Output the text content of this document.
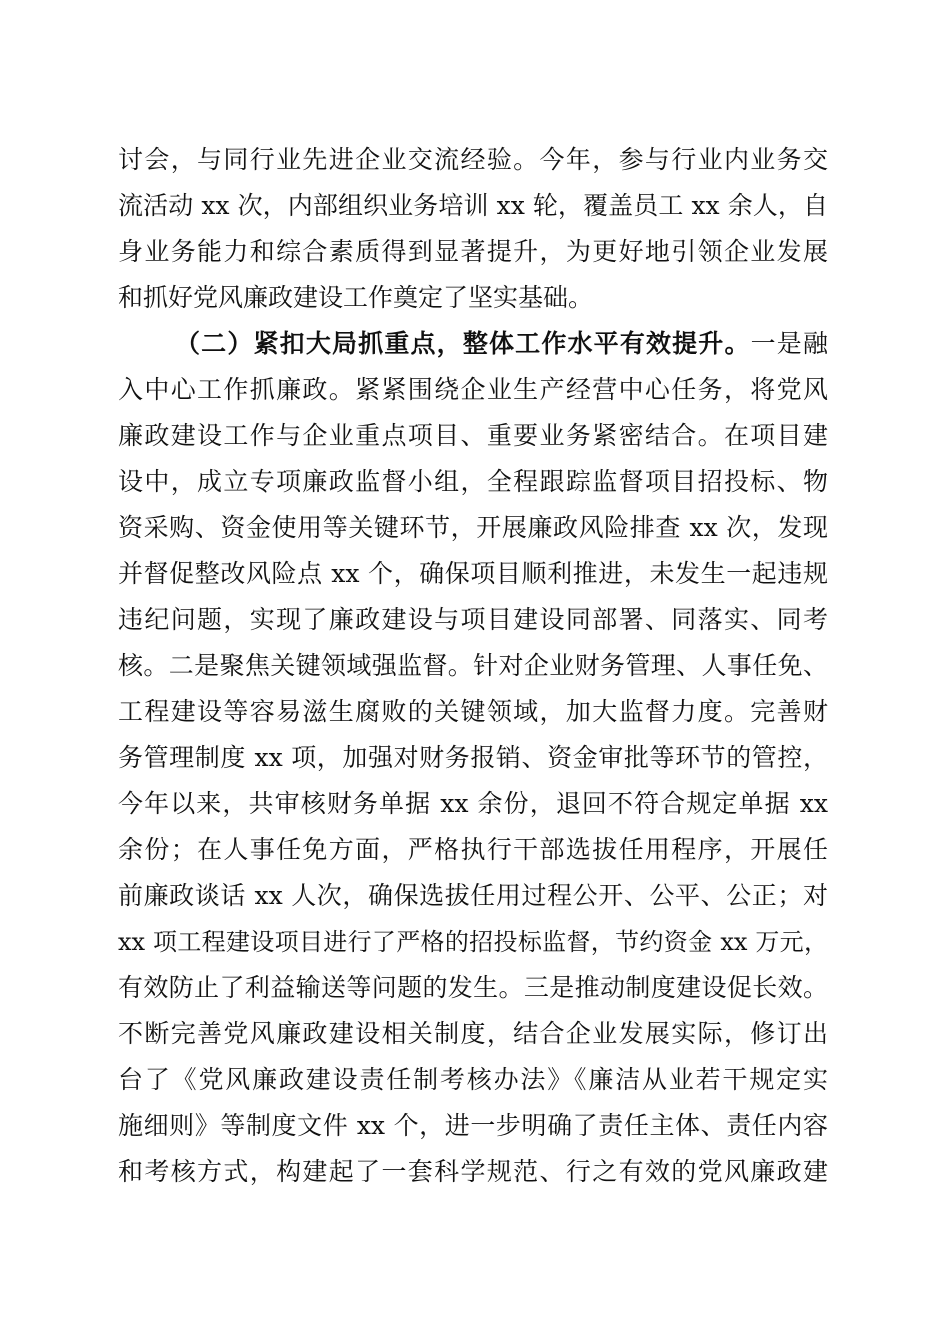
讨会，与同行业先进企业交流经验。今年，参与行业内业务交
流活动 xx 次，内部组织业务培训 xx 轮，覆盖员工 xx 余人，自
身业务能力和综合素质得到显著提升，为更好地引领企业发展
和抓好党风廉政建设工作奠定了坚实基础。
（二）紧扣大局抓重点，整体工作水平有效提升。一是融
入中心工作抓廉政。紧紧围绕企业生产经营中心任务，将党风
廉政建设工作与企业重点项目、重要业务紧密结合。在项目建
设中，成立专项廉政监督小组，全程跟踪监督项目招投标、物
资采购、资金使用等关键环节，开展廉政风险排查 xx 次，发现
并督促整改风险点 xx 个，确保项目顺利推进，未发生一起违规
违纪问题，实现了廉政建设与项目建设同部署、同落实、同考
核。二是聚焦关键领域强监督。针对企业财务管理、人事任免、
工程建设等容易滋生腐败的关键领域，加大监督力度。完善财
务管理制度 xx 项，加强对财务报销、资金审批等环节的管控，
今年以来，共审核财务单据 xx 余份，退回不符合规定单据 xx
余份；在人事任免方面，严格执行干部选拔任用程序，开展任
前廉政谈话 xx 人次，确保选拔任用过程公开、公平、公正；对
xx 项工程建设项目进行了严格的招投标监督，节约资金 xx 万元，
有效防止了利益输送等问题的发生。三是推动制度建设促长效。
不断完善党风廉政建设相关制度，结合企业发展实际，修订出
台了《党风廉政建设责任制考核办法》《廉洁从业若干规定实
施细则》等制度文件 xx 个，进一步明确了责任主体、责任内容
和考核方式，构建起了一套科学规范、行之有效的党风廉政建
